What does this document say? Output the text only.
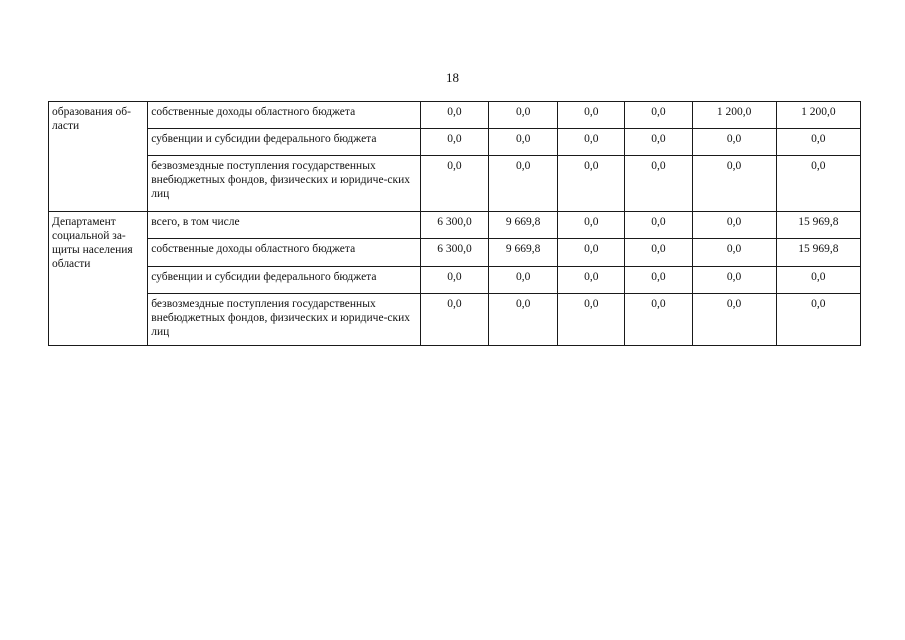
18
образования об-ласти	собственные доходы областного бюджета	0,0	0,0	0,0	0,0	1 200,0	1 200,0
	субвенции и субсидии федерального бюджета	0,0	0,0	0,0	0,0	0,0	0,0
	безвозмездные поступления государственных внебюджетных фондов, физических и юридиче-ских лиц	0,0	0,0	0,0	0,0	0,0	0,0
Департамент социальной за-щиты населения области	всего, в том числе	6 300,0	9 669,8	0,0	0,0	0,0	15 969,8
	собственные доходы областного бюджета	6 300,0	9 669,8	0,0	0,0	0,0	15 969,8
	субвенции и субсидии федерального бюджета	0,0	0,0	0,0	0,0	0,0	0,0
	безвозмездные поступления государственных внебюджетных фондов, физических и юридиче-ских лиц	0,0	0,0	0,0	0,0	0,0	0,0
